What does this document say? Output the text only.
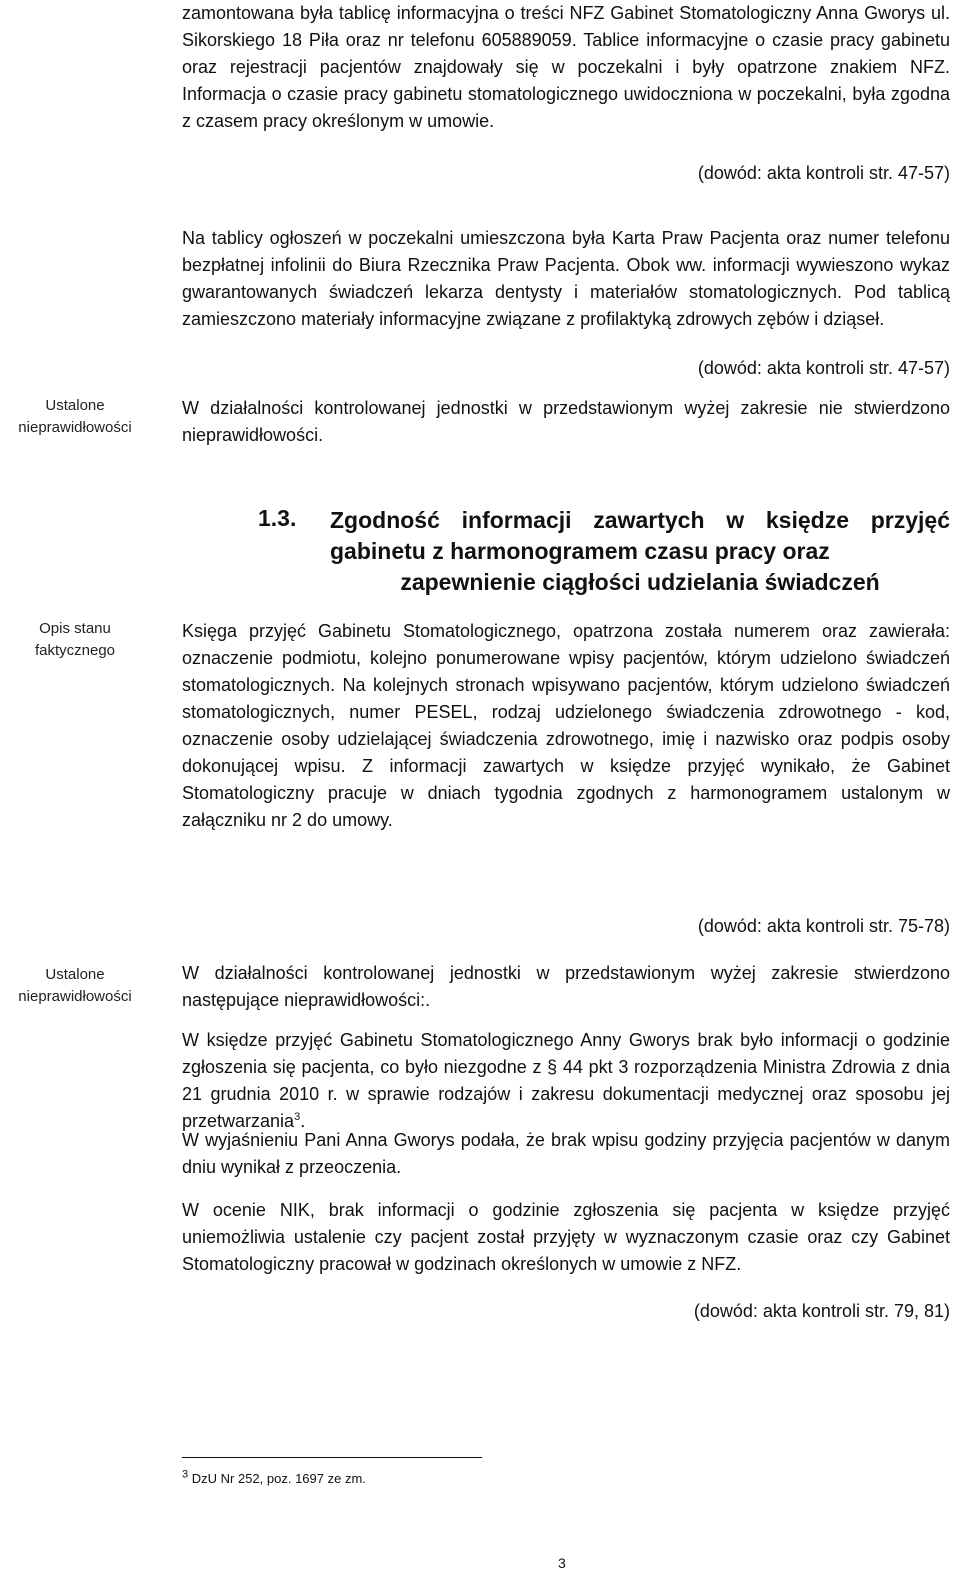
Ustalone nieprawidłowości
Opis stanu faktycznego
Ustalone nieprawidłowości

zamontowana była tablicę informacyjna o treści NFZ Gabinet Stomatologiczny Anna Gworys ul. Sikorskiego 18 Piła oraz nr telefonu 605889059. Tablice informacyjne o czasie pracy gabinetu oraz rejestracji pacjentów znajdowały się w poczekalni i były opatrzone znakiem NFZ. Informacja o czasie pracy gabinetu stomatologicznego uwidoczniona w poczekalni, była zgodna z czasem pracy określonym w umowie.

(dowód: akta kontroli str. 47-57)

Na tablicy ogłoszeń w poczekalni umieszczona była Karta Praw Pacjenta oraz numer telefonu bezpłatnej infolinii do Biura Rzecznika Praw Pacjenta. Obok ww. informacji wywieszono wykaz gwarantowanych świadczeń lekarza dentysty i materiałów stomatologicznych. Pod tablicą zamieszczono materiały informacyjne związane z profilaktyką zdrowych zębów i dziąseł.

(dowód: akta kontroli str. 47-57)

W działalności kontrolowanej jednostki w przedstawionym wyżej zakresie nie stwierdzono nieprawidłowości.

1.3. Zgodność informacji zawartych w księdze przyjęć gabinetu z harmonogramem czasu pracy oraz
zapewnienie ciągłości udzielania świadczeń

Księga przyjęć Gabinetu Stomatologicznego, opatrzona została numerem oraz zawierała: oznaczenie podmiotu, kolejno ponumerowane wpisy pacjentów, którym udzielono świadczeń stomatologicznych. Na kolejnych stronach wpisywano pacjentów, którym udzielono świadczeń stomatologicznych, numer PESEL, rodzaj udzielonego świadczenia zdrowotnego - kod, oznaczenie osoby udzielającej świadczenia zdrowotnego, imię i nazwisko oraz podpis osoby dokonującej wpisu. Z informacji zawartych w księdze przyjęć wynikało, że Gabinet Stomatologiczny pracuje w dniach tygodnia zgodnych z harmonogramem ustalonym w załączniku nr 2 do umowy.

(dowód: akta kontroli str. 75-78)

W działalności kontrolowanej jednostki w przedstawionym wyżej zakresie stwierdzono następujące nieprawidłowości:.

W księdze przyjęć Gabinetu Stomatologicznego Anny Gworys brak było informacji o godzinie zgłoszenia się pacjenta, co było niezgodne z § 44 pkt 3 rozporządzenia Ministra Zdrowia z dnia 21 grudnia 2010 r. w sprawie rodzajów i zakresu dokumentacji medycznej oraz sposobu jej przetwarzania$^3$.

W wyjaśnieniu Pani Anna Gworys podała, że brak wpisu godziny przyjęcia pacjentów w danym dniu wynikał z przeoczenia.

W ocenie NIK, brak informacji o godzinie zgłoszenia się pacjenta w księdze przyjęć uniemożliwia ustalenie czy pacjent został przyjęty w wyznaczonym czasie oraz czy Gabinet Stomatologiczny pracował w godzinach określonych w umowie z NFZ.

(dowód: akta kontroli str. 79, 81)
$^3$ DzU Nr 252, poz. 1697 ze zm.
3
